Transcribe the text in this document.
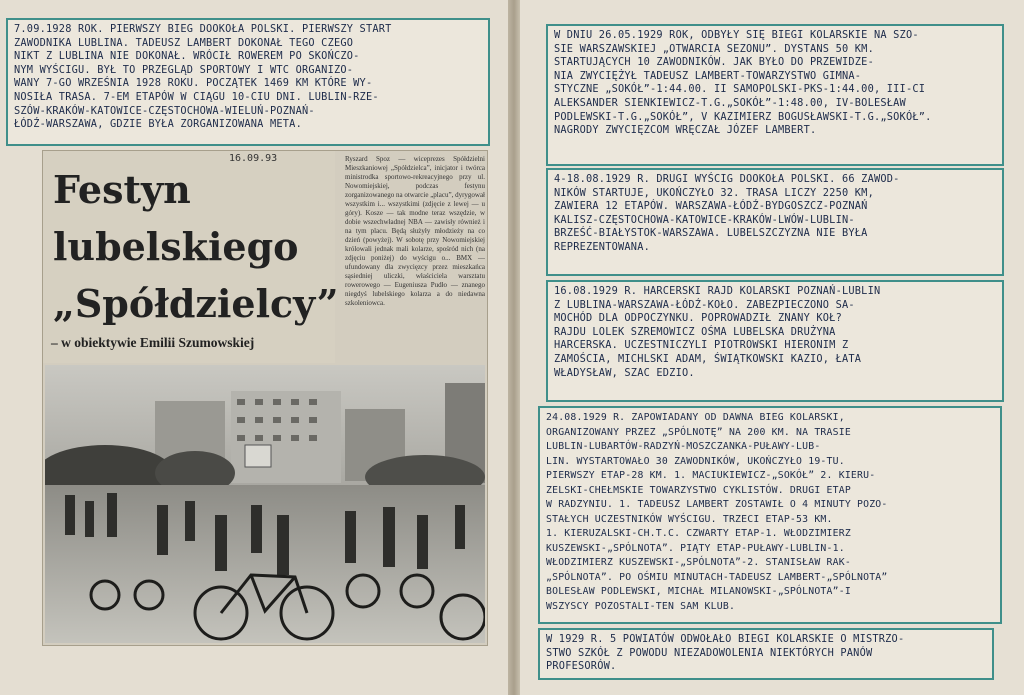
7.09.1928 ROK. PIERWSZY BIEG DOOKOŁA POLSKI. PIERWSZY START
ZAWODNIKA LUBLINA. TADEUSZ LAMBERT DOKONAŁ TEGO CZEGO
NIKT Z LUBLINA NIE DOKONAŁ. WRÓCIŁ ROWEREM PO SKOŃCZO-
NYM WYŚCIGU. BYŁ TO PRZEGLĄD SPORTOWY I WTC ORGANIZO-
WANY 7-GO WRZEŚNIA 1928 ROKU. POCZĄTEK 1469 KM KTÓRE WY-
NOSIŁA TRASA. 7-EM ETAPÓW W CIĄGU 10-CIU DNI. LUBLIN-RZE-
SZÓW-KRAKÓW-KATOWICE-CZĘSTOCHOWA-WIELUŃ-POZNAŃ-
ŁÓDŹ-WARSZAWA, GDZIE BYŁA ZORGANIZOWANA META.
16.09.93
Festyn lubelskiego „Spółdzielcy”
– w obiektywie Emilii Szumowskiej
Ryszard Spoz — wiceprezes Spółdzielni Mieszkaniowej „Spółdzielca”, inicjator i twórca ministrodka sportowo-rekreacyjnego przy ul. Nowomiejskiej, podczas festynu zorganizowanego na otwarcie „placu”, dyrygował wszystkim i... wszystkimi (zdjęcie z lewej — u góry). Kosze — tak modne teraz wszędzie, w dobie wszechwładnej NBA — zawisły również i na tym placu. Będą służyły młodzieży na co dzień (powyżej). W sobotę przy Nowomiejskiej królowali jednak mali kolarze, spośród nich (na zdjęciu poniżej) do wyścigu o... BMX — ufundowany dla zwycięzcy przez mieszkańca sąsiedniej uliczki, właściciela warsztatu rowerowego — Eugeniusza Pudło — znanego niegdyś lubelskiego kolarza a do niedawna szkoleniowca.
W DNIU 26.05.1929 ROK, ODBYŁY SIĘ BIEGI KOLARSKIE NA SZO-
SIE WARSZAWSKIEJ „OTWARCIA SEZONU”. DYSTANS 50 KM.
STARTUJĄCYCH 10 ZAWODNIKÓW. JAK BYŁO DO PRZEWIDZE-
NIA ZWYCIĘŻYŁ TADEUSZ LAMBERT-TOWARZYSTWO GIMNA-
STYCZNE „SOKÓŁ”-1:44.00. II SAMOPOLSKI-PKS-1:44.00, III-CI
ALEKSANDER SIENKIEWICZ-T.G.„SOKÓŁ”-1:48.00, IV-BOLESŁAW
PODLEWSKI-T.G.„SOKÓŁ”, V KAZIMIERZ BOGUSŁAWSKI-T.G.„SOKÓŁ”.
NAGRODY ZWYCIĘZCOM WRĘCZAŁ JÓZEF LAMBERT.
4-18.08.1929 R. DRUGI WYŚCIG DOOKOŁA POLSKI. 66 ZAWOD-
NIKÓW STARTUJE, UKOŃCZYŁO 32. TRASA LICZY 2250 KM,
ZAWIERA 12 ETAPÓW. WARSZAWA-ŁÓDŹ-BYDGOSZCZ-POZNAŃ
KALISZ-CZĘSTOCHOWA-KATOWICE-KRAKÓW-LWÓW-LUBLIN-
BRZEŚĆ-BIAŁYSTOK-WARSZAWA. LUBELSZCZYZNA NIE BYŁA
REPREZENTOWANA.
16.08.1929 R. HARCERSKI RAJD KOLARSKI POZNAŃ-LUBLIN
Z LUBLINA-WARSZAWA-ŁÓDŹ-KOŁO. ZABEZPIECZONO SA-
MOCHÓD DLA ODPOCZYNKU. POPROWADZIŁ ZNANY KOŁ?
RAJDU LOLEK SZREMOWICZ OŚMA LUBELSKA DRUŻYNA
HARCERSKA. UCZESTNICZYLI PIOTROWSKI HIERONIM Z
ZAMOŚCIA, MICHLSKI ADAM, ŚWIĄTKOWSKI KAZIO, ŁATA
WŁADYSŁAW, SZAC EDZIO.
24.08.1929 R. ZAPOWIADANY OD DAWNA BIEG KOLARSKI,
ORGANIZOWANY PRZEZ „SPÓLNOTĘ” NA 200 KM. NA TRASIE
LUBLIN-LUBARTÓW-RADZYŃ-MOSZCZANKA-PUŁAWY-LUB-
LIN. WYSTARTOWAŁO 30 ZAWODNIKÓW, UKOŃCZYŁO 19-TU.
PIERWSZY ETAP-28 KM. 1. MACIUKIEWICZ-„SOKÓŁ” 2. KIERU-
ZELSKI-CHEŁMSKIE TOWARZYSTWO CYKLISTÓW. DRUGI ETAP
W RADZYNIU. 1. TADEUSZ LAMBERT ZOSTAWIŁ O 4 MINUTY POZO-
STAŁYCH UCZESTNIKÓW WYŚCIGU. TRZECI ETAP-53 KM.
1. KIERUZALSKI-CH.T.C. CZWARTY ETAP-1. WŁODZIMIERZ
KUSZEWSKI-„SPÓLNOTA”. PIĄTY ETAP-PUŁAWY-LUBLIN-1.
WŁODZIMIERZ KUSZEWSKI-„SPÓLNOTA”-2. STANISŁAW RAK-
„SPÓLNOTA”. PO OŚMIU MINUTACH-TADEUSZ LAMBERT-„SPÓLNOTA”
BOLESŁAW PODLEWSKI, MICHAŁ MILANOWSKI-„SPÓLNOTA”-I
WSZYSCY POZOSTALI-TEN SAM KLUB.
W 1929 R. 5 POWIATÓW ODWOŁAŁO BIEGI KOLARSKIE O MISTRZO-
STWO SZKÓŁ Z POWODU NIEZADOWOLENIA NIEKTÓRYCH PANÓW
PROFESORÓW.
